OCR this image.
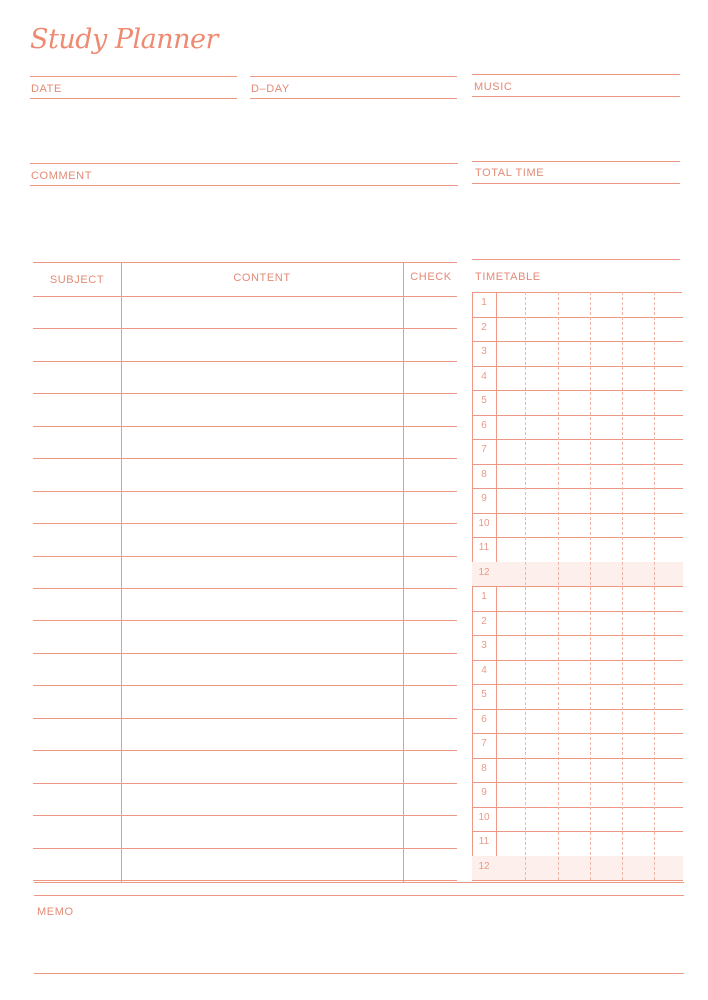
Study Planner
DATE	D–DAY	MUSIC
COMMENT	TOTAL TIME
SUBJECT	CONTENT	CHECK	TIMETABLE
1
2
3
4
5
6
7
8
9
10
11
12
1
2
3
4
5
6
7
8
9
10
11
12
MEMO
